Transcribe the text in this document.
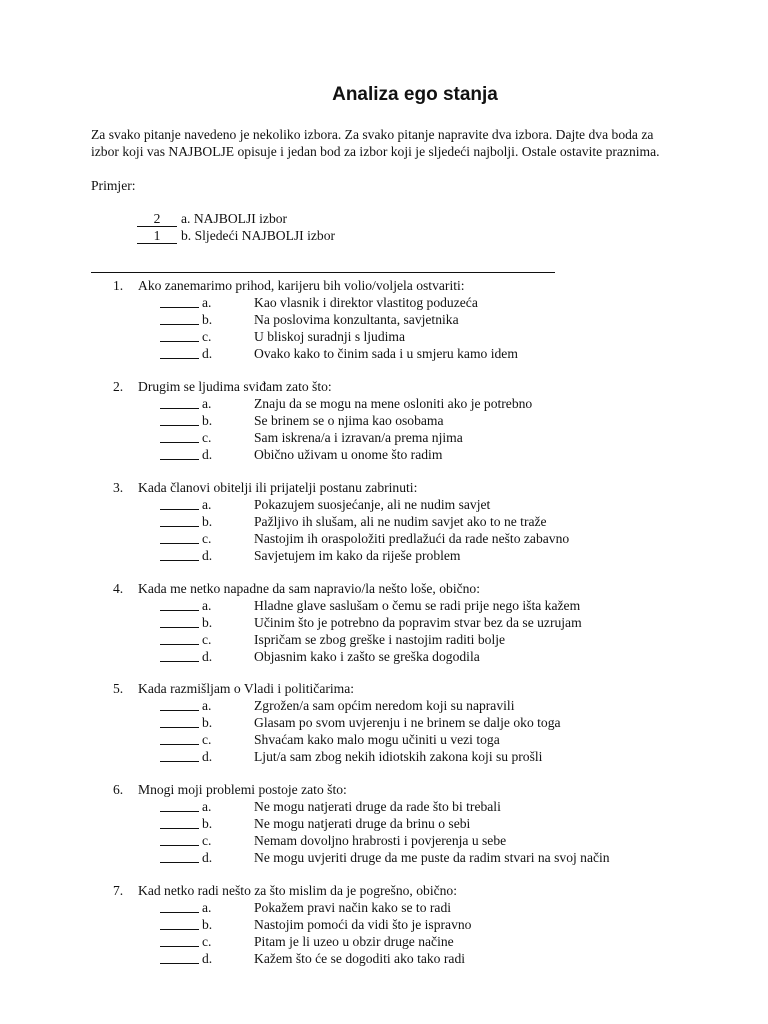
Analiza ego stanja
Za svako pitanje navedeno je nekoliko izbora. Za svako pitanje napravite dva izbora. Dajte dva boda za
izbor koji vas NAJBOLJE opisuje i jedan bod za izbor koji je sljedeći najbolji. Ostale ostavite praznima.
Primjer:
2 a. NAJBOLJI izbor
1 b. Sljedeći NAJBOLJI izbor
1. Ako zanemarimo prihod, karijeru bih volio/voljela ostvariti:
a.	Kao vlasnik i direktor vlastitog poduzeća
b.	Na poslovima konzultanta, savjetnika
c.	U bliskoj suradnji s ljudima
d.	Ovako kako to činim sada i u smjeru kamo idem
2. Drugim se ljudima sviđam zato što:
a.	Znaju da se mogu na mene osloniti ako je potrebno
b.	Se brinem se o njima kao osobama
c.	Sam iskrena/a i izravan/a prema njima
d.	Obično uživam u onome što radim
3. Kada članovi obitelji ili prijatelji postanu zabrinuti:
a.	Pokazujem suosjećanje, ali ne nudim savjet
b.	Pažljivo ih slušam, ali ne nudim savjet ako to ne traže
c.	Nastojim ih oraspoložiti predlažući da rade nešto zabavno
d.	Savjetujem im kako da riješe problem
4. Kada me netko napadne da sam napravio/la nešto loše, obično:
a.	Hladne glave saslušam o čemu se radi prije nego išta kažem
b.	Učinim što je potrebno da popravim stvar bez da se uzrujam
c.	Ispričam se zbog greške i nastojim raditi bolje
d.	Objasnim kako i zašto se greška dogodila
5. Kada razmišljam o Vladi i političarima:
a.	Zgrožen/a sam općim neredom koji su napravili
b.	Glasam po svom uvjerenju i ne brinem se dalje oko toga
c.	Shvaćam kako malo mogu učiniti u vezi toga
d.	Ljut/a sam zbog nekih idiotskih zakona koji su prošli
6. Mnogi moji problemi postoje zato što:
a.	Ne mogu natjerati druge da rade što bi trebali
b.	Ne mogu natjerati druge da brinu o sebi
c.	Nemam dovoljno hrabrosti i povjerenja u sebe
d.	Ne mogu uvjeriti druge da me puste da radim stvari na svoj način
7. Kad netko radi nešto za što mislim da je pogrešno, obično:
a.	Pokažem pravi način kako se to radi
b.	Nastojim pomoći da vidi što je ispravno
c.	Pitam je li uzeo u obzir druge načine
d.	Kažem što će se dogoditi ako tako radi
